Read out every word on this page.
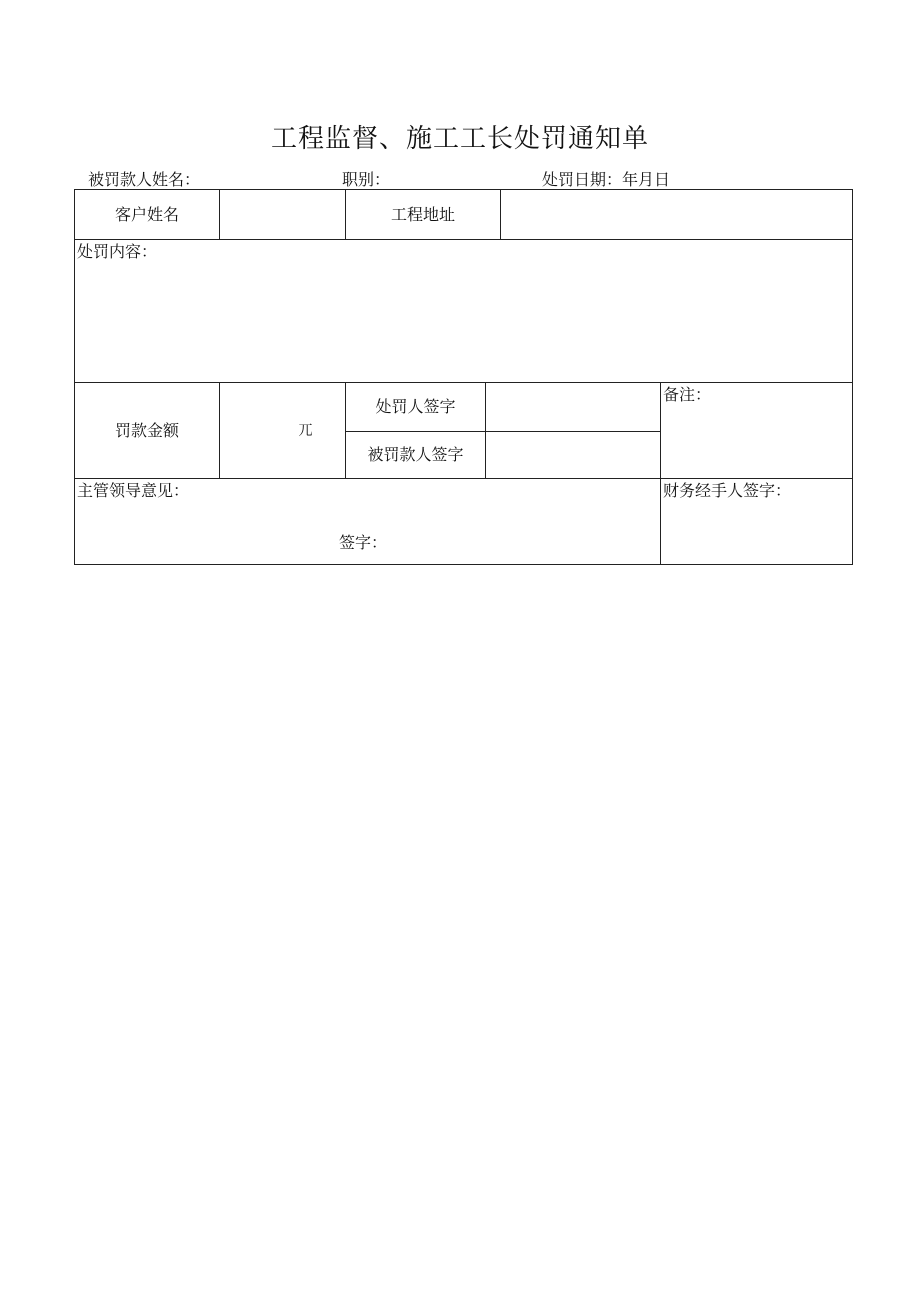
工程监督、施工工长处罚通知单
被罚款人姓名：	职别：	处罚日期：年月日
客户姓名	工程地址
处罚内容：
罚款金额	兀
处罚人签字
被罚款人签字
备注：
主管领导意见：
签字：
财务经手人签字：
